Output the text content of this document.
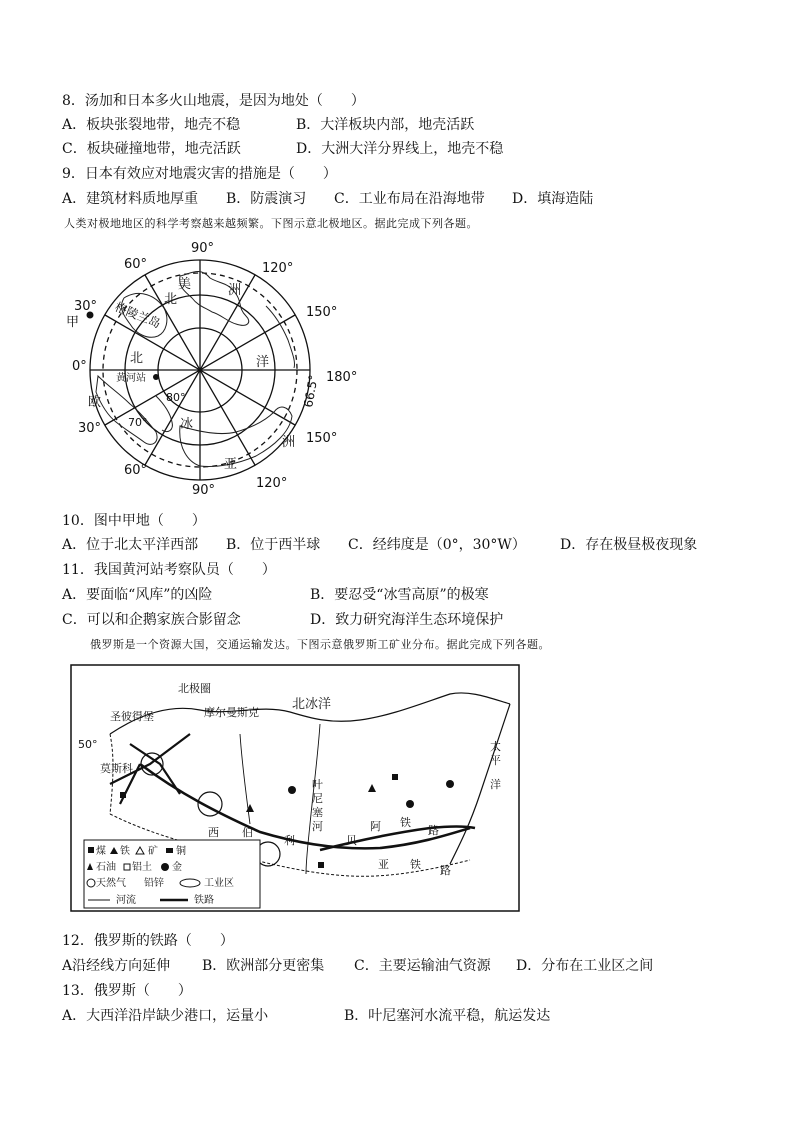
8．汤加和日本多火山地震，是因为地处（　　）
A．板块张裂地带，地壳不稳	B．大洋板块内部，地壳活跃
C．板块碰撞地带，地壳活跃	D．大洲大洋分界线上，地壳不稳
9．日本有效应对地震灾害的措施是（　　）
A．建筑材料质地厚重 B．防震演习 C．工业布局在沿海地带 D．填海造陆
人类对极地地区的科学考察越来越频繁。下图示意北极地区。据此完成下列各题。
90°
120°
60°
150°
30°
0°
180°
30°
150°
60°
90°	120°
66.5°
80°
70°
甲
美	洲
北
北	洋
欧
冰
洲
亚
格陵兰岛
黄河站
10．图中甲地（　　）
A．位于北太平洋西部 B．位于西半球 C．经纬度是（0°，30°W） D．存在极昼极夜现象
11．我国黄河站考察队员（　　）
A．要面临“风库”的凶险	B．要忍受“冰雪高原”的极寒
C．可以和企鹅家族合影留念	D．致力研究海洋生态环境保护
俄罗斯是一个资源大国，交通运输发达。下图示意俄罗斯工矿业分布。据此完成下列各题。
北极圈
摩尔曼斯克
圣彼得堡
50°
莫斯科
叶
尼
塞
河
太
平
洋
西 伯
利
阿
贝
铁
路
亚 铁 路
北冰洋
煤 铁 矿 铜
石油 铝土 金
天然气 铅锌	工业区
河流	铁路
12．俄罗斯的铁路（　　）
A沿经线方向延伸 B．欧洲部分更密集 C．主要运输油气资源 D．分布在工业区之间
13．俄罗斯（　　）
A．大西洋沿岸缺少港口，运量小	B．叶尼塞河水流平稳，航运发达
